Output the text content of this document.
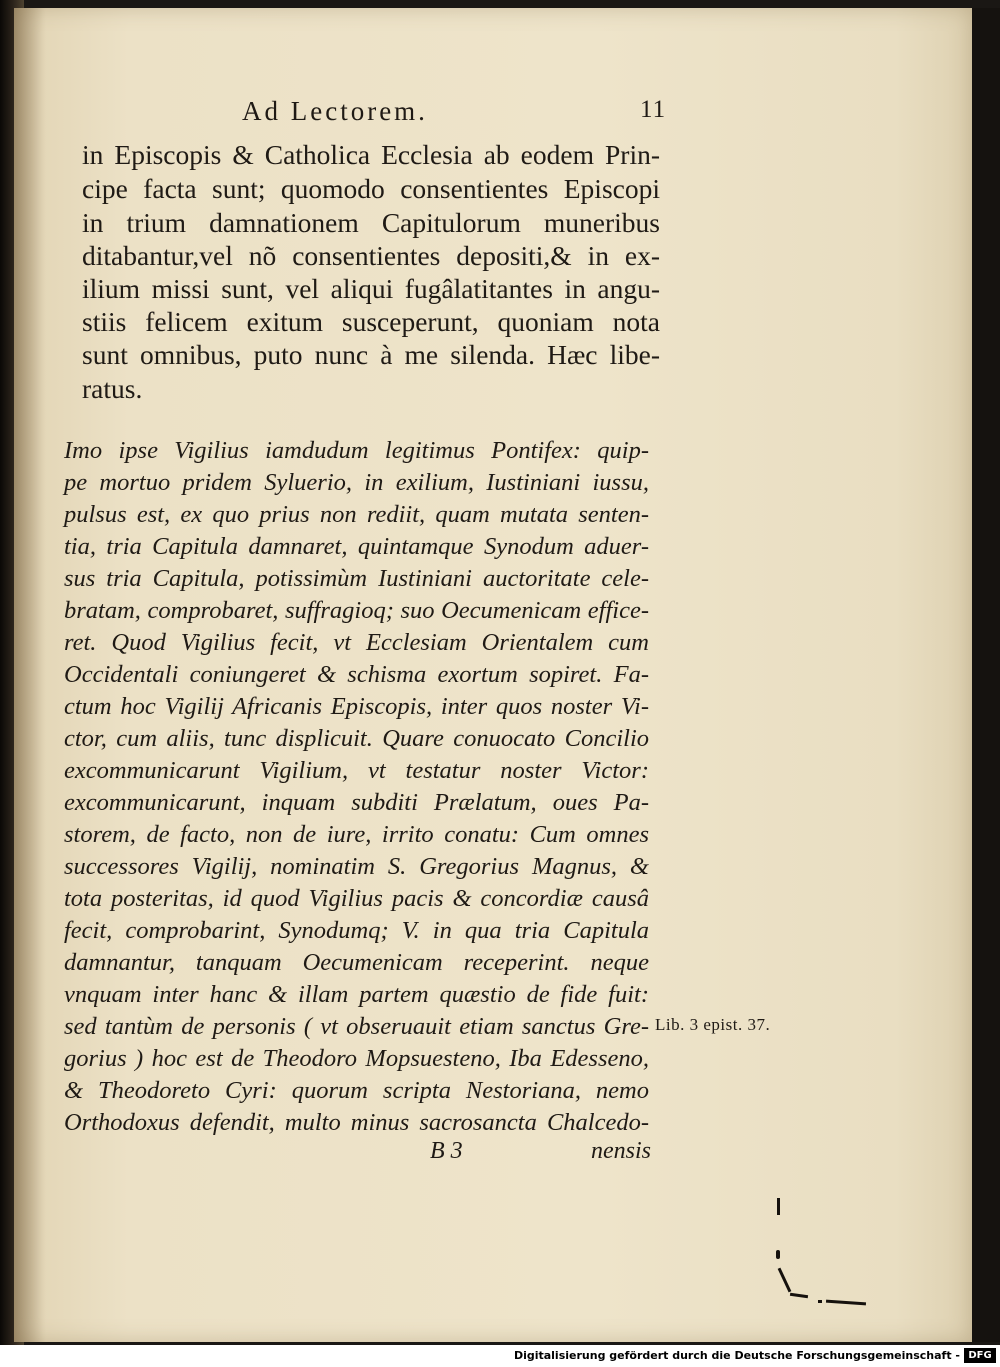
Ad Lectorem.	11
in Episcopis & Catholica Ecclesia ab eodem Prin-
cipe facta sunt; quomodo consentientes Episcopi
in trium damnationem Capitulorum muneribus
ditabantur,vel nõ consentientes depositi,& in ex-
ilium missi sunt, vel aliqui fugâlatitantes in angu-
stiis felicem exitum susceperunt, quoniam nota
sunt omnibus, puto nunc à me silenda. Hæc libe-
ratus.
Imo ipse Vigilius iamdudum legitimus Pontifex: quip-
pe mortuo pridem Syluerio, in exilium, Iustiniani iussu,
pulsus est, ex quo prius non rediit, quam mutata senten-
tia, tria Capitula damnaret, quintamque Synodum aduer-
sus tria Capitula, potissimùm Iustiniani auctoritate cele-
bratam, comprobaret, suffragioq; suo Oecumenicam effice-
ret. Quod Vigilius fecit, vt Ecclesiam Orientalem cum
Occidentali coniungeret & schisma exortum sopiret. Fa-
ctum hoc Vigilij Africanis Episcopis, inter quos noster Vi-
ctor, cum aliis, tunc displicuit. Quare conuocato Concilio
excommunicarunt Vigilium, vt testatur noster Victor:
excommunicarunt, inquam subditi Prælatum, oues Pa-
storem, de facto, non de iure, irrito conatu: Cum omnes
successores Vigilij, nominatim S. Gregorius Magnus, &
tota posteritas, id quod Vigilius pacis & concordiæ causâ
fecit, comprobarint, Synodumq; V. in qua tria Capitula
damnantur, tanquam Oecumenicam receperint. neque
vnquam inter hanc & illam partem quæstio de fide fuit:
sed tantùm de personis ( vt obseruauit etiam sanctus Gre-
gorius ) hoc est de Theodoro Mopsuesteno, Iba Edesseno,
& Theodoreto Cyri: quorum scripta Nestoriana, nemo
Orthodoxus defendit, multo minus sacrosancta Chalcedo-
Lib. 3 epist. 37.
B 3	nensis
Digitalisierung gefördert durch die Deutsche Forschungsgemeinschaft - DFG
